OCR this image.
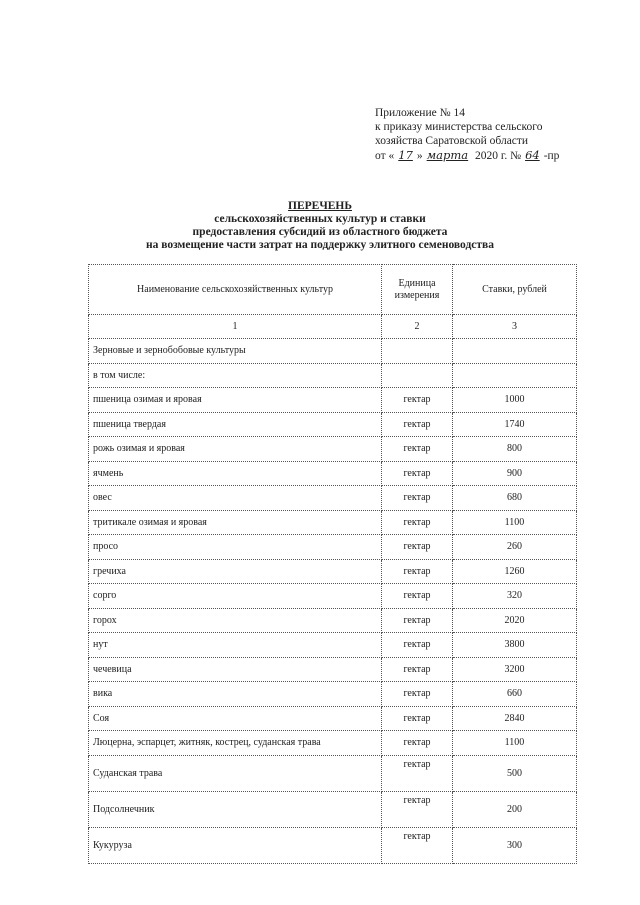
Приложение № 14
к приказу министерства сельского
хозяйства Саратовской области
от « 17 » марта 2020 г. № 64 -пр
ПЕРЕЧЕНЬ
сельскохозяйственных культур и ставки
предоставления субсидий из областного бюджета
на возмещение части затрат на поддержку элитного семеноводства
Наименование сельскохозяйственных культур	Единица измерения	Ставки, рублей
1	2	3
Зерновые и зернобобовые культуры		
в том числе:		
пшеница озимая и яровая	гектар	1000
пшеница твердая	гектар	1740
рожь озимая и яровая	гектар	800
ячмень	гектар	900
овес	гектар	680
тритикале озимая и яровая	гектар	1100
просо	гектар	260
гречиха	гектар	1260
сорго	гектар	320
горох	гектар	2020
нут	гектар	3800
чечевица	гектар	3200
вика	гектар	660
Соя	гектар	2840
Люцерна, эспарцет, житняк, кострец, суданская трава	гектар	1100
Суданская трава	гектар	500
Подсолнечник	гектар	200
Кукуруза	гектар	300
